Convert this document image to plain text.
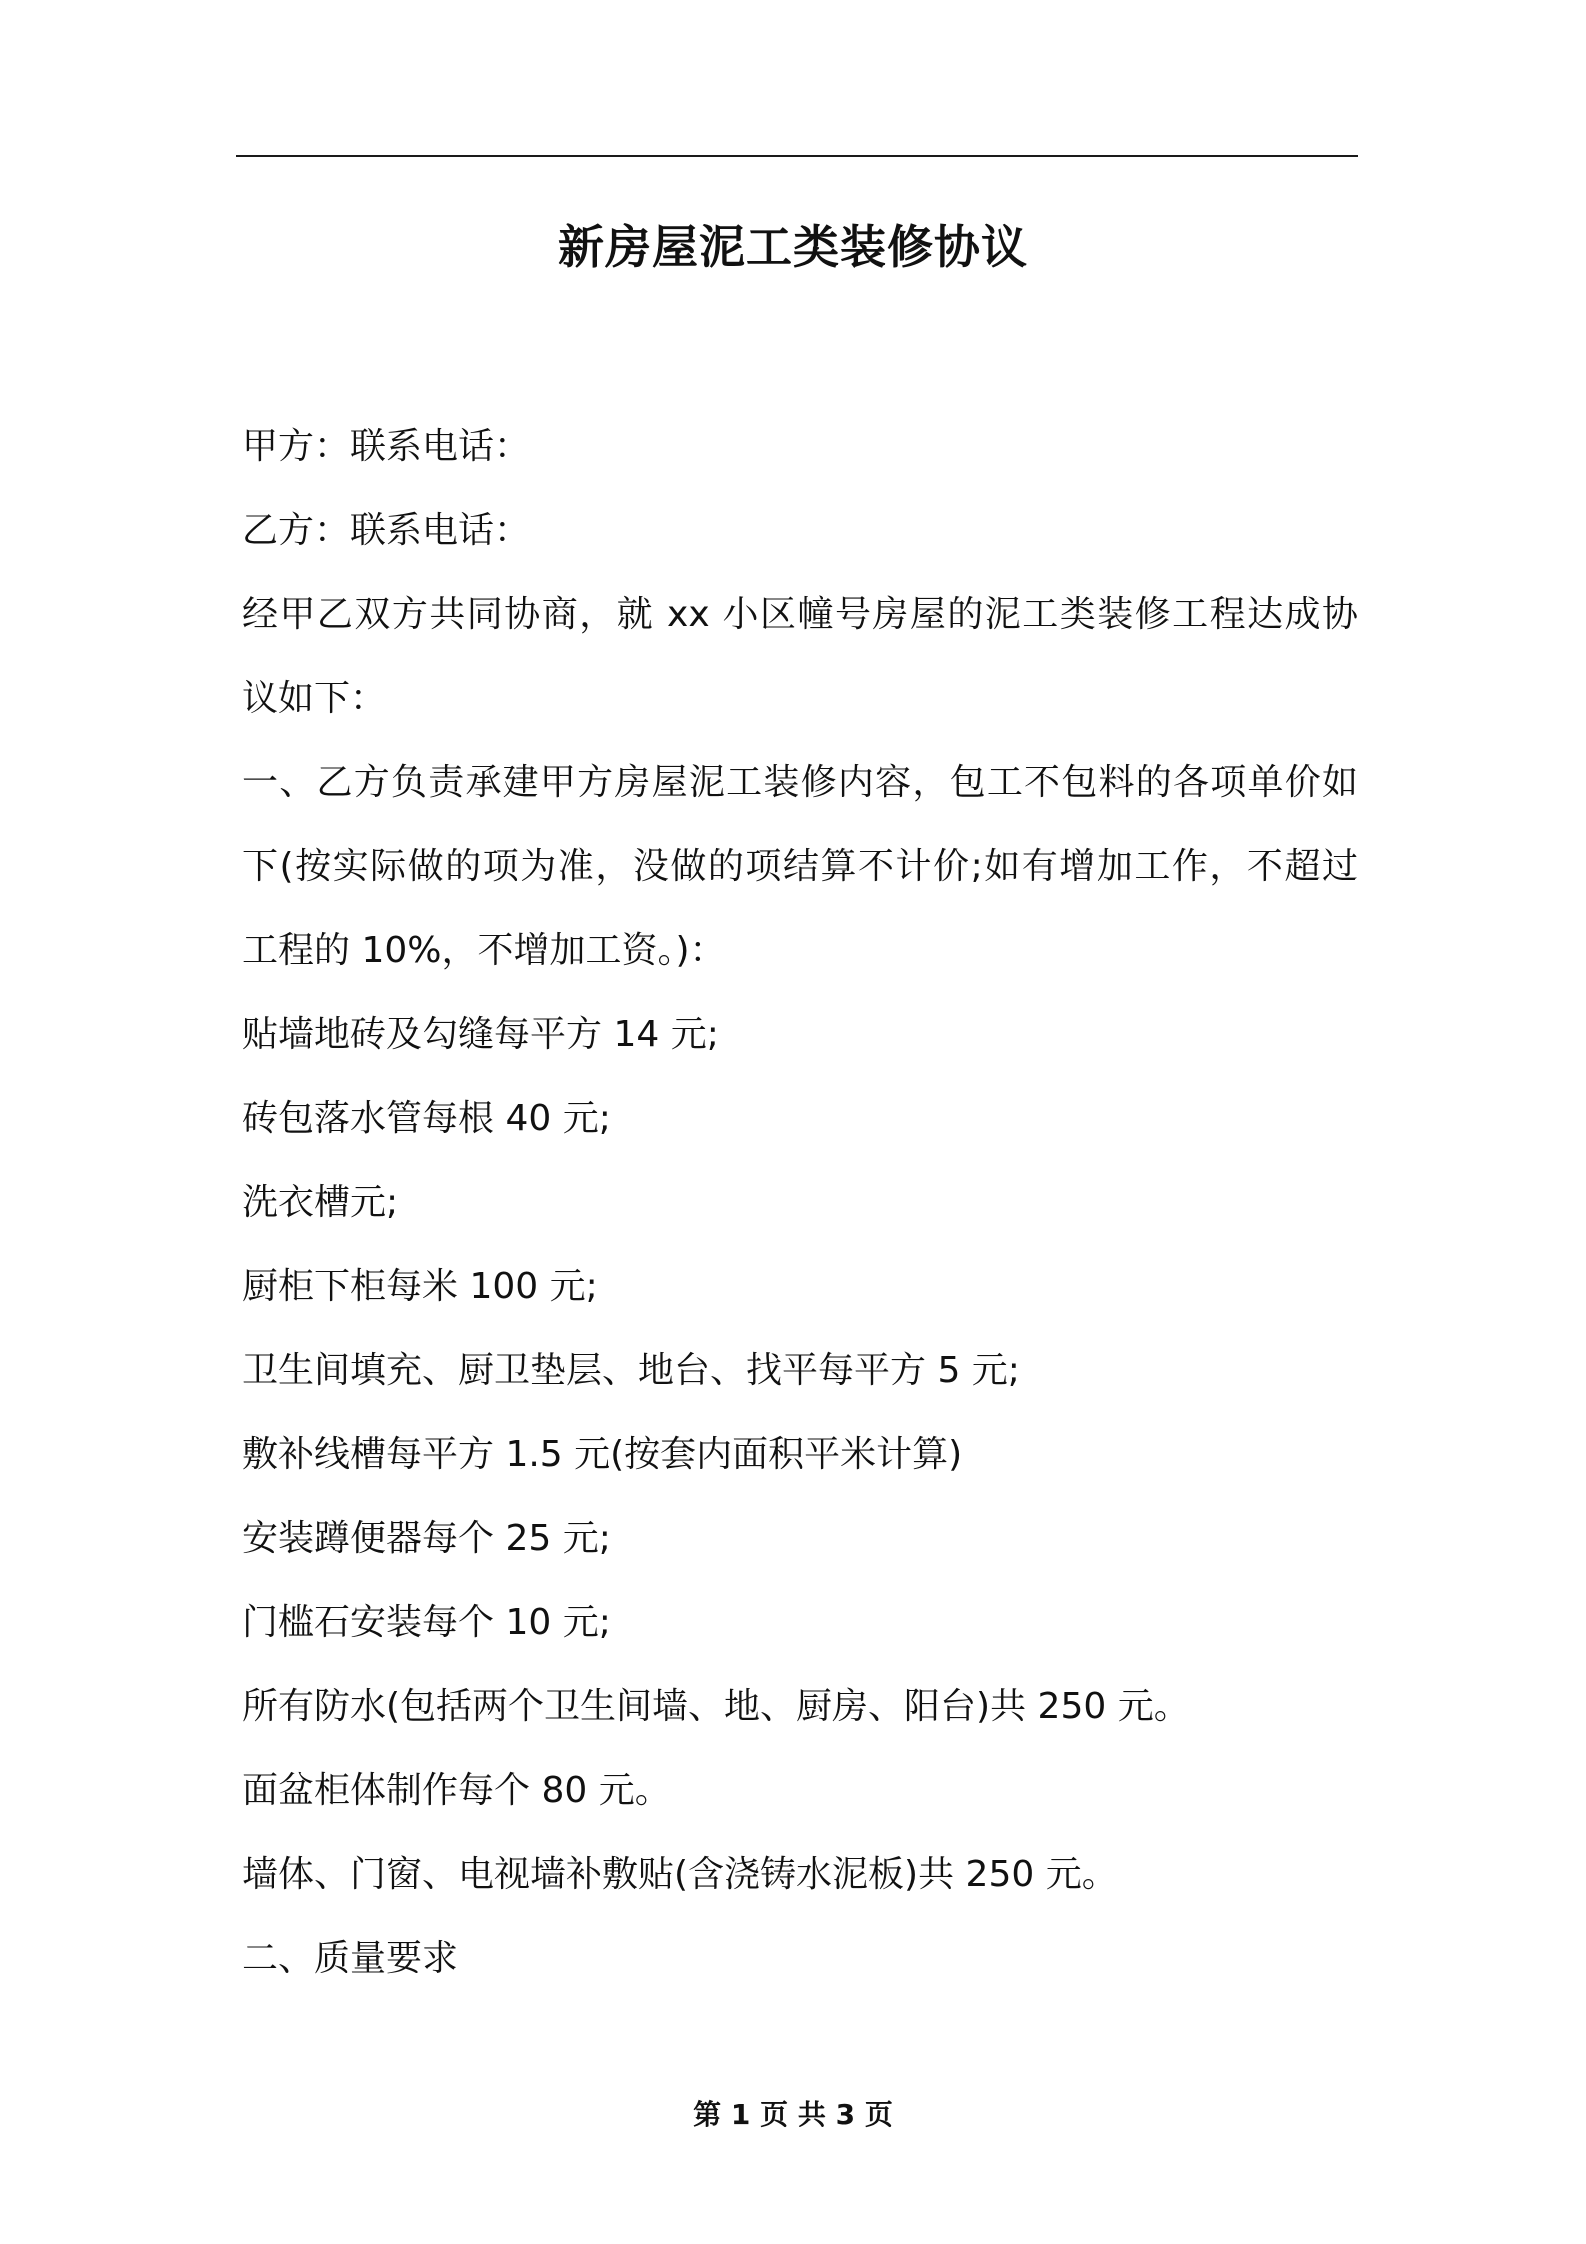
新房屋泥工类装修协议
甲方：联系电话：
乙方：联系电话：
经甲乙双方共同协商，就 xx 小区幢号房屋的泥工类装修工程达成协
议如下：
一、乙方负责承建甲方房屋泥工装修内容，包工不包料的各项单价如
下(按实际做的项为准，没做的项结算不计价;如有增加工作，不超过
工程的 10%，不增加工资。)：
贴墙地砖及勾缝每平方 14 元;
砖包落水管每根 40 元;
洗衣槽元;
厨柜下柜每米 100 元;
卫生间填充、厨卫垫层、地台、找平每平方 5 元;
敷补线槽每平方 1.5 元(按套内面积平米计算)
安装蹲便器每个 25 元;
门槛石安装每个 10 元;
所有防水(包括两个卫生间墙、地、厨房、阳台)共 250 元。
面盆柜体制作每个 80 元。
墙体、门窗、电视墙补敷贴(含浇铸水泥板)共 250 元。
二、质量要求
第 1 页 共 3 页
